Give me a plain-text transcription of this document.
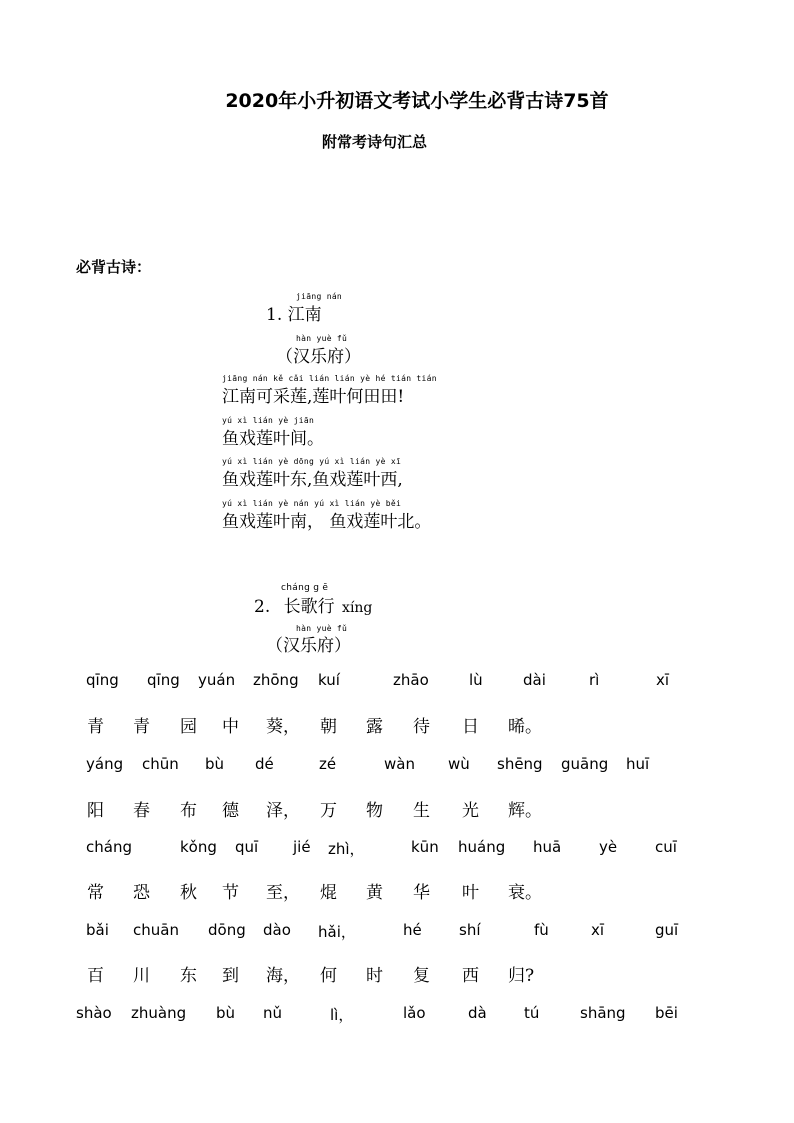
2020年小升初语文考试小学生必背古诗75首
附常考诗句汇总
必背古诗：
jiāng nán
1. 江南
hàn yuè fǔ
（汉乐府）
jiāng nán kě cǎi lián lián yè hé tián tián
江南可采莲,莲叶何田田!
yú xì lián yè jiān
鱼戏莲叶间。
yú xì lián yè dōng yú xì lián yè xī
鱼戏莲叶东,鱼戏莲叶西,
yú xì lián yè nán yú xì lián yè běi
鱼戏莲叶南， 鱼戏莲叶北。
cháng g ē
2. 长歌行 xíng
hàn yuè fǔ
（汉乐府）
qīng qīng yuán zhōng kuí	zhāo	lù	dài	rì	xī
青 青 园 中 葵， 朝 露 待 日 晞。
yáng chūn bù dé	zé	wàn wù shēng guāng huī
阳 春 布 德 泽， 万 物 生 光 辉。
cháng	kǒng quī jié zhì，	kūn huáng huā	yè	cuī
常 恐 秋 节 至， 焜 黄 华 叶 衰。
bǎi chuān dōng dào hǎi，	hé shí	fù	xī	guī
百 川 东 到 海， 何 时 复 西 归?
shào zhuàng bù nǔ	lì，	lǎo	dà tú	shāng bēi
